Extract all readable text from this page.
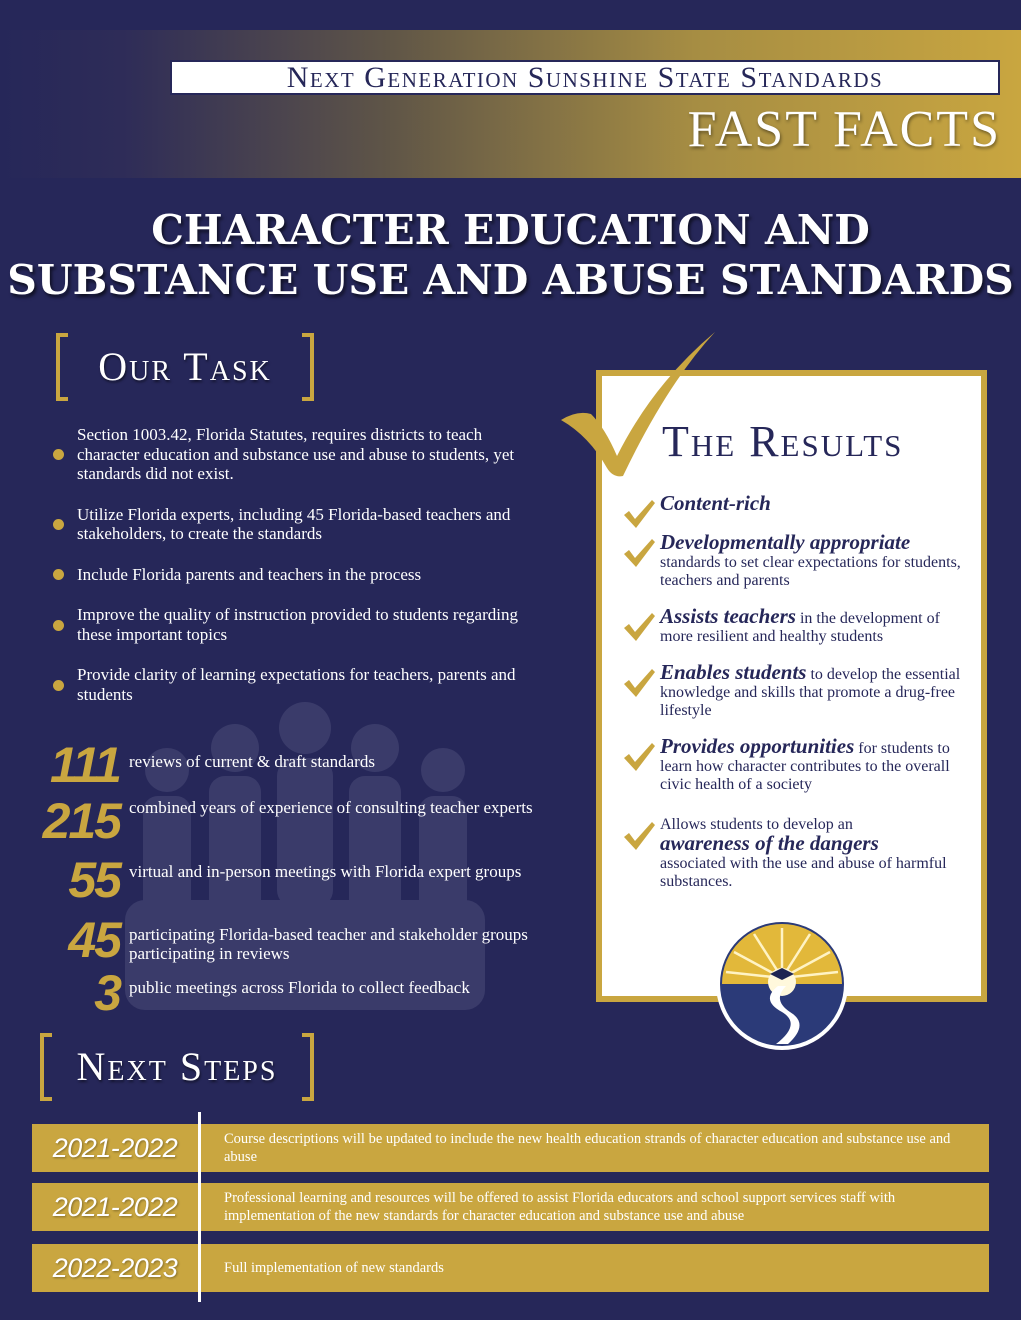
Next Generation Sunshine State Standards
FAST FACTS
CHARACTER EDUCATION AND
SUBSTANCE USE AND ABUSE STANDARDS
Our Task
Section 1003.42, Florida Statutes, requires districts to teach character education and substance use and abuse to students, yet standards did not exist.
Utilize Florida experts, including 45 Florida-based teachers and stakeholders, to create the standards
Include Florida parents and teachers in the process
Improve the quality of instruction provided to students regarding these important topics
Provide clarity of learning expectations for teachers, parents and students
111 reviews of current & draft standards
215 combined years of experience of consulting teacher experts
55 virtual and in-person meetings with Florida expert groups
45 participating Florida-based teacher and stakeholder groups participating in reviews
3 public meetings across Florida to collect feedback
The Results
Content-rich
Developmentally appropriate
standards to set clear expectations for students, teachers and parents
Assists teachers in the development of more resilient and healthy students
Enables students to develop the essential knowledge and skills that promote a drug-free lifestyle
Provides opportunities for students to learn how character contributes to the overall civic health of a society
Allows students to develop an
awareness of the dangers
associated with the use and abuse of harmful substances.
Next Steps
2021-2022	Course descriptions will be updated to include the new health education strands of character education and substance use and abuse
2021-2022	Professional learning and resources will be offered to assist Florida educators and school support services staff with implementation of the new standards for character education and substance use and abuse
2022-2023	Full implementation of new standards
